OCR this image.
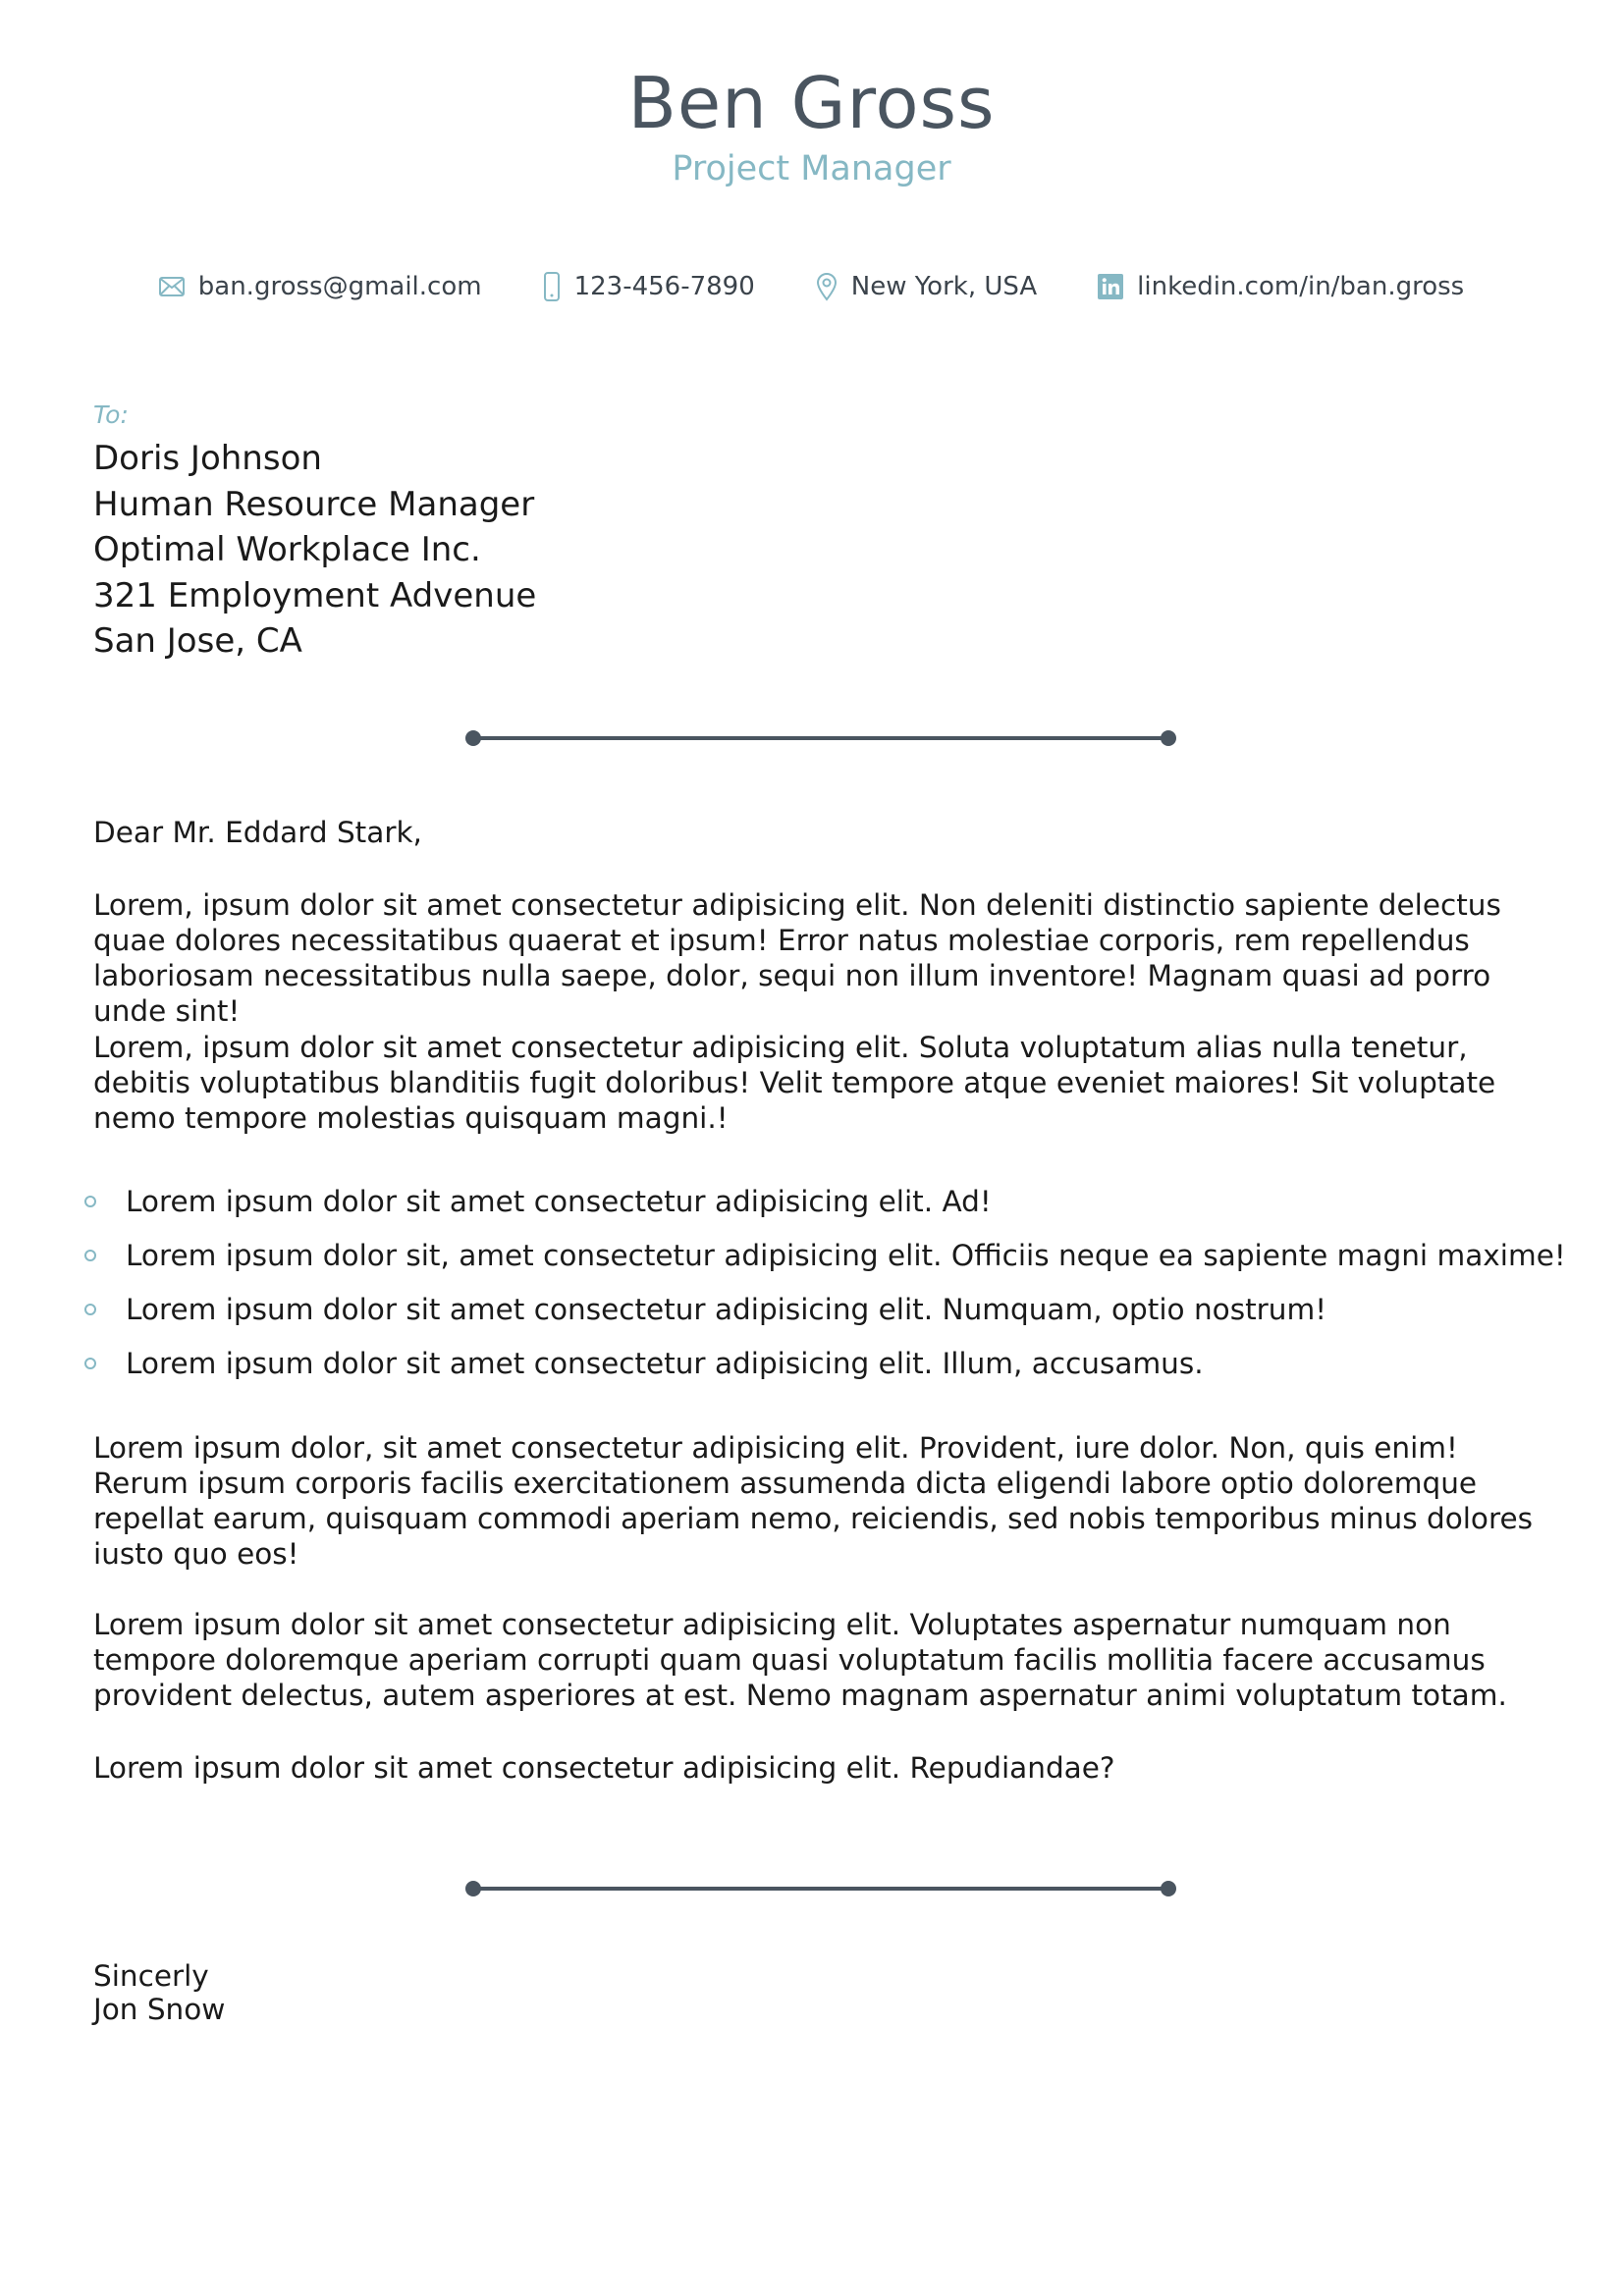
Ben Gross
Project Manager
ban.gross@gmail.com	123-456-7890	New York, USA	linkedin.com/in/ban.gross
To:
Doris Johnson
Human Resource Manager
Optimal Workplace Inc.
321 Employment Advenue
San Jose, CA
Dear Mr. Eddard Stark,
Lorem, ipsum dolor sit amet consectetur adipisicing elit. Non deleniti distinctio sapiente delectus quae dolores necessitatibus quaerat et ipsum! Error natus molestiae corporis, rem repellendus laboriosam necessitatibus nulla saepe, dolor, sequi non illum inventore! Magnam quasi ad porro unde sint!
Lorem, ipsum dolor sit amet consectetur adipisicing elit. Soluta voluptatum alias nulla tenetur, debitis voluptatibus blanditiis fugit doloribus! Velit tempore atque eveniet maiores! Sit voluptate nemo tempore molestias quisquam magni.!
Lorem ipsum dolor sit amet consectetur adipisicing elit. Ad!
Lorem ipsum dolor sit, amet consectetur adipisicing elit. Officiis neque ea sapiente magni maxime!
Lorem ipsum dolor sit amet consectetur adipisicing elit. Numquam, optio nostrum!
Lorem ipsum dolor sit amet consectetur adipisicing elit. Illum, accusamus.
Lorem ipsum dolor, sit amet consectetur adipisicing elit. Provident, iure dolor. Non, quis enim! Rerum ipsum corporis facilis exercitationem assumenda dicta eligendi labore optio doloremque repellat earum, quisquam commodi aperiam nemo, reiciendis, sed nobis temporibus minus dolores iusto quo eos!
Lorem ipsum dolor sit amet consectetur adipisicing elit. Voluptates aspernatur numquam non tempore doloremque aperiam corrupti quam quasi voluptatum facilis mollitia facere accusamus provident delectus, autem asperiores at est. Nemo magnam aspernatur animi voluptatum totam.
Lorem ipsum dolor sit amet consectetur adipisicing elit. Repudiandae?
Sincerly
Jon Snow
